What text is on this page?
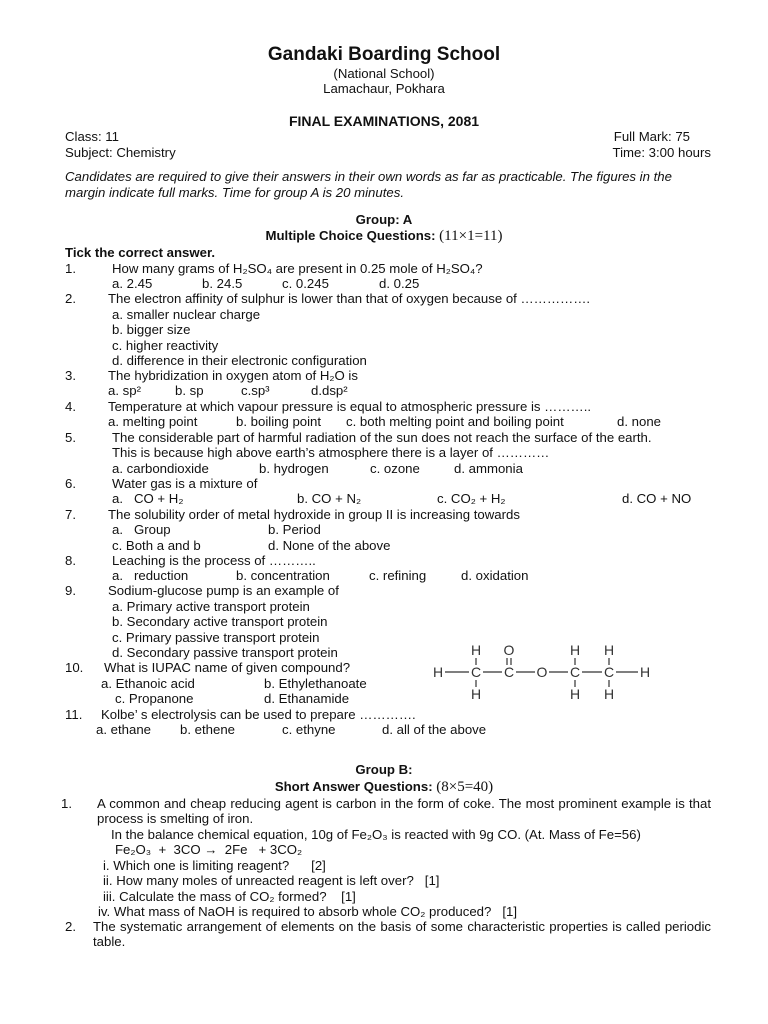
Gandaki Boarding School
(National School)
Lamachaur, Pokhara
FINAL EXAMINATIONS, 2081
Class: 11	Full Mark: 75
Subject: Chemistry	Time: 3:00 hours
Candidates are required to give their answers in their own words as far as practicable. The figures in the margin indicate full marks. Time for group A is 20 minutes.
Group: A
Multiple Choice Questions: (11×1=11)
Tick the correct answer.
1.	How many grams of H₂SO₄ are present in 0.25 mole of H₂SO₄?
a. 2.45	b. 24.5	c. 0.245	d. 0.25
2. The electron affinity of sulphur is lower than that of oxygen because of …………….
a. smaller nuclear charge
b. bigger size
c. higher reactivity
d. difference in their electronic configuration
3. The hybridization in oxygen atom of H₂O is
a. sp²	b. sp	c.sp³	d.dsp²
4. Temperature at which vapour pressure is equal to atmospheric pressure is ………..
a. melting point	b. boiling point c. both melting point and boiling point	d. none
5.	The considerable part of harmful radiation of the sun does not reach the surface of the earth.
This is because high above earth’s atmosphere there is a layer of …………
a. carbondioxide	b. hydrogen	c. ozone	d. ammonia
6.	Water gas is a mixture of
a.   CO + H₂	b. CO + N₂	c. CO₂ + H₂	d. CO + NO
7. The solubility order of metal hydroxide in group II is increasing towards
a.   Group	b. Period
c. Both a and b	d. None of the above
8.	Leaching is the process of ………..
a.   reduction	b. concentration	c. refining	d. oxidation
9. Sodium-glucose pump is an example of
a. Primary active transport protein
b. Secondary active transport protein
c. Primary passive transport protein
d. Secondary passive transport protein
10. What is IUPAC name of given compound?
a. Ethanoic acid	b. Ethylethanoate
c. Propanone	d. Ethanamide
H O	H H
H C C O C C H
H	H H
11. Kolbe’ s electrolysis can be used to prepare ………….
a. ethane b. ethene	c. ethyne	d. all of the above
Group B:
Short Answer Questions: (8×5=40)
1. A common and cheap reducing agent is carbon in the form of coke. The most prominent example is that process is smelting of iron.
In the balance chemical equation, 10g of Fe₂O₃ is reacted with 9g CO. (At. Mass of Fe=56)
Fe₂O₃  +  3CO →  2Fe   + 3CO₂
i. Which one is limiting reagent?      [2]
ii. How many moles of unreacted reagent is left over?   [1]
iii. Calculate the mass of CO₂ formed?    [1]
iv. What mass of NaOH is required to absorb whole CO₂ produced?   [1]
2. The systematic arrangement of elements on the basis of some characteristic properties is called periodic table.
